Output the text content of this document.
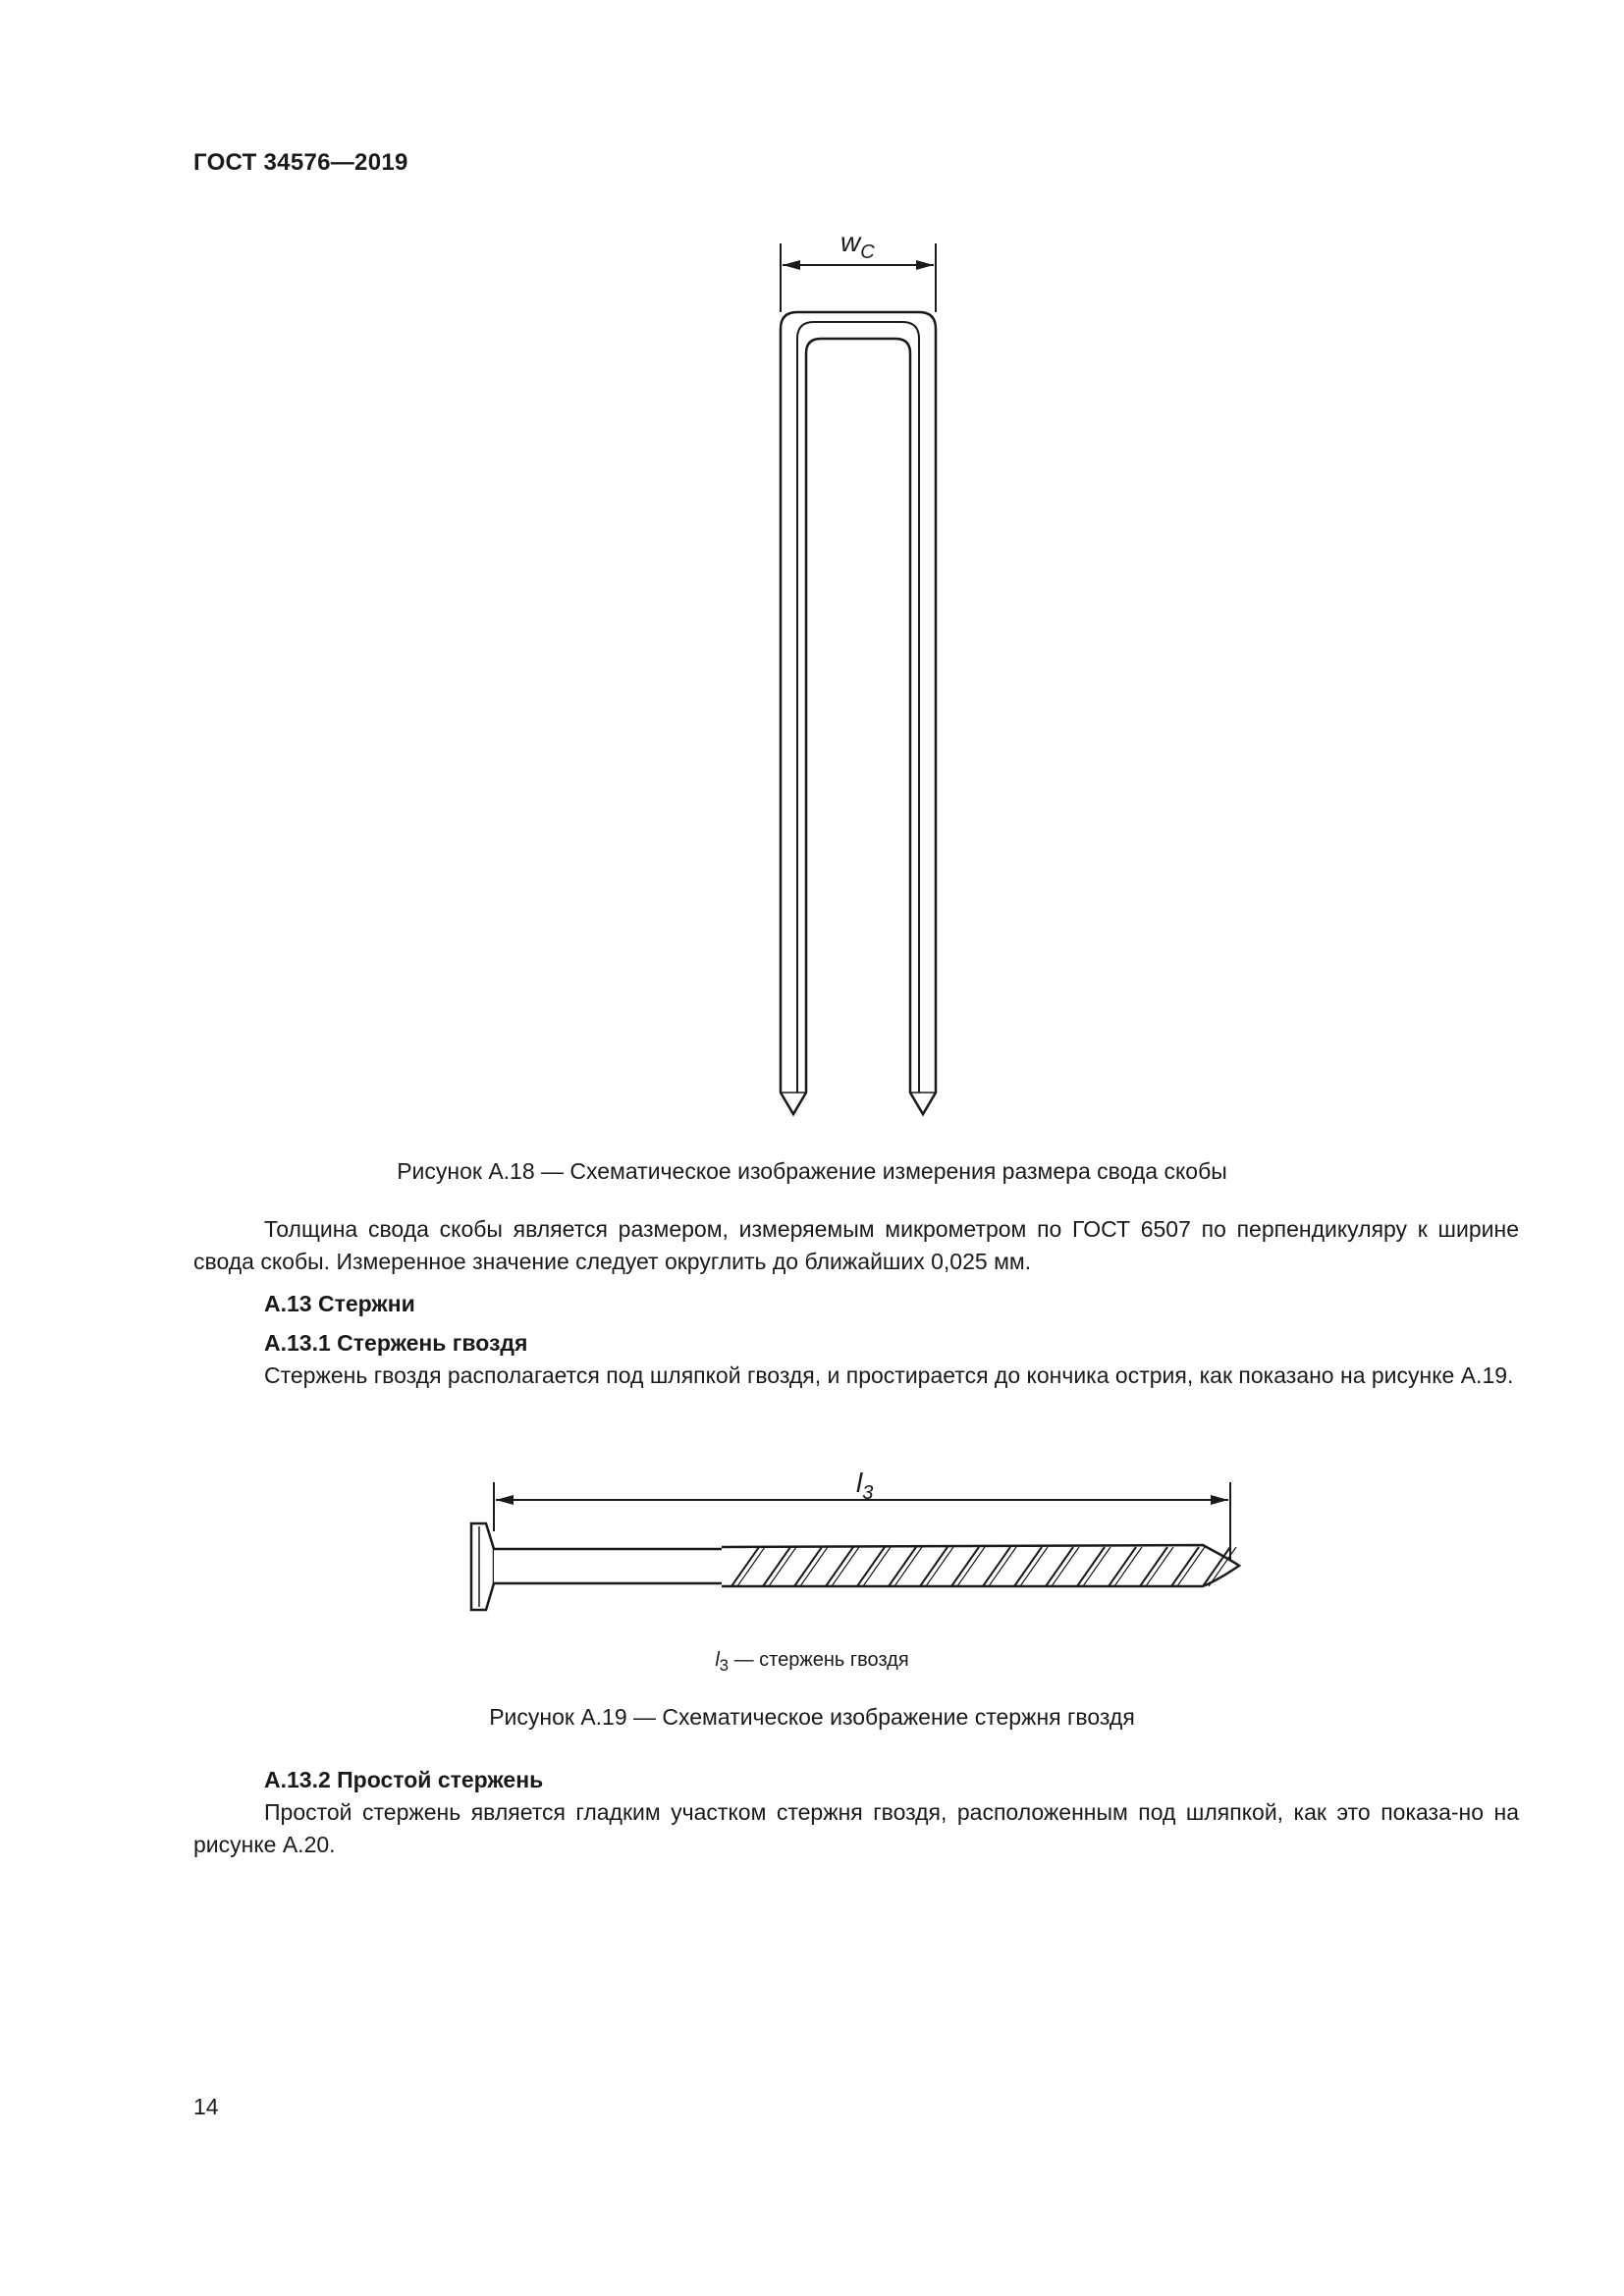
ГОСТ 34576—2019
$w_C$
Рисунок А.18 — Схематическое изображение измерения размера свода скобы
Толщина свода скобы является размером, измеряемым микрометром по ГОСТ 6507 по перпендикуляру к ширине свода скобы. Измеренное значение следует округлить до ближайших 0,025 мм.
А.13 Стержни
А.13.1 Стержень гвоздя
Стержень гвоздя располагается под шляпкой гвоздя, и простирается до кончика острия, как показано на рисунке А.19.
$l_3$
$l_3$ — стержень гвоздя
Рисунок А.19 — Схематическое изображение стержня гвоздя
А.13.2 Простой стержень
Простой стержень является гладким участком стержня гвоздя, расположенным под шляпкой, как это показа-но на рисунке А.20.
14
